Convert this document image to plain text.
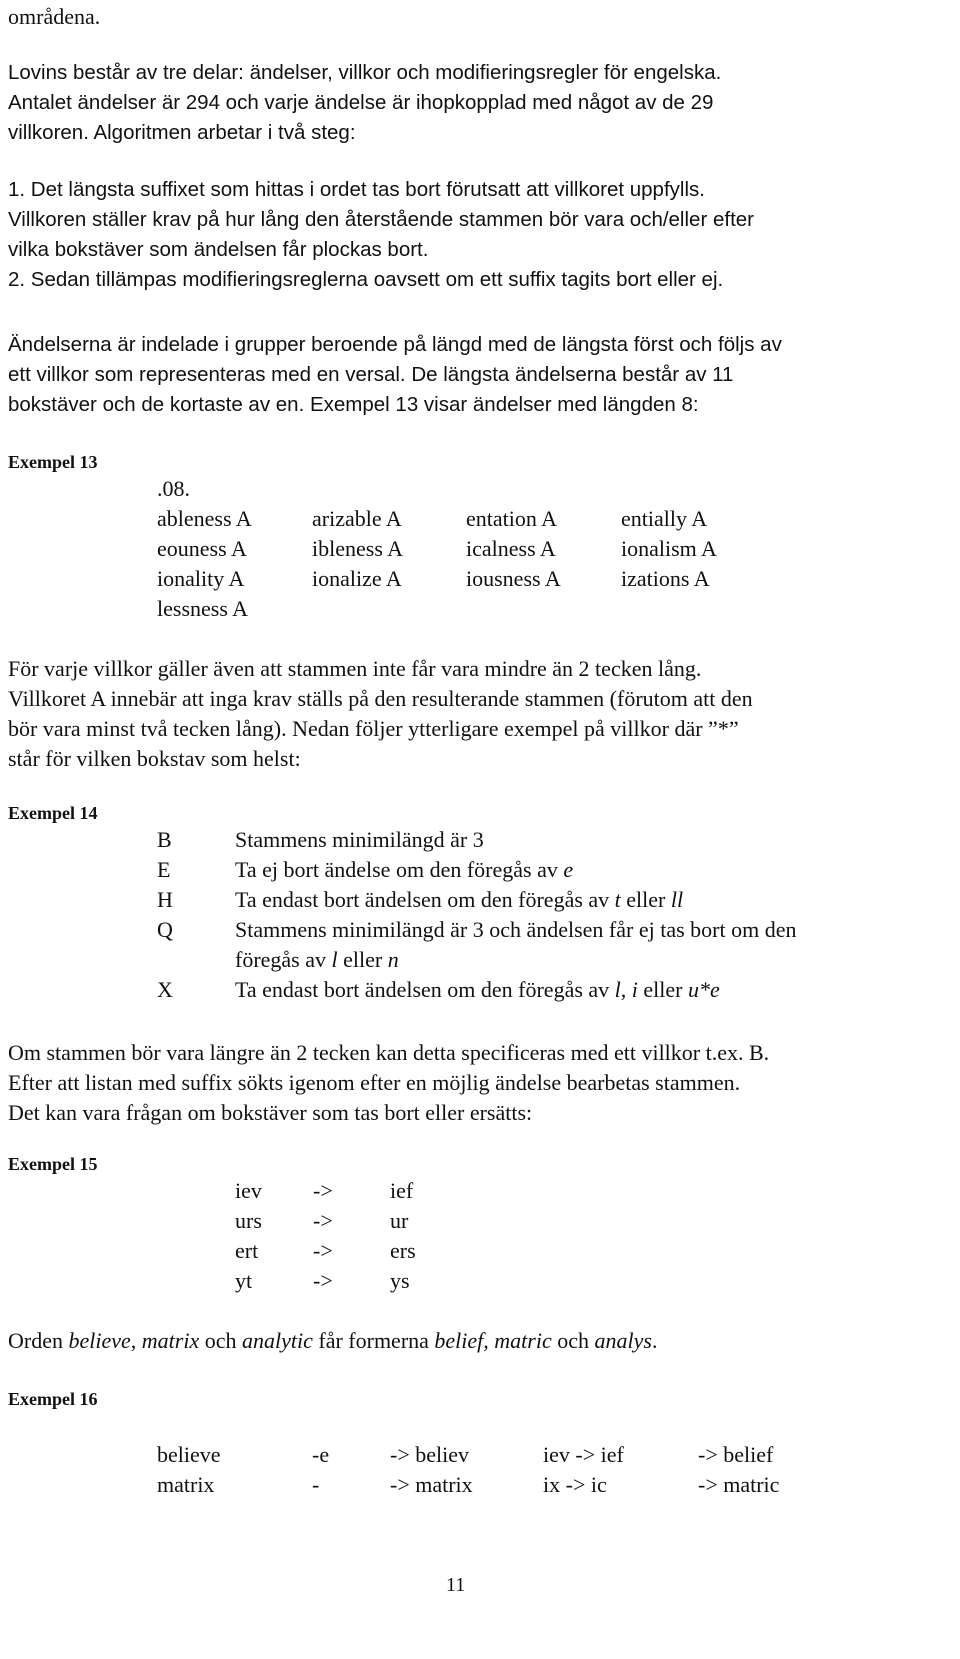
områdena.
Lovins består av tre delar: ändelser, villkor och modifieringsregler för engelska.
Antalet ändelser är 294 och varje ändelse är ihopkopplad med något av de 29
villkoren. Algoritmen arbetar i två steg:
1. Det längsta suffixet som hittas i ordet tas bort förutsatt att villkoret uppfylls.
Villkoren ställer krav på hur lång den återstående stammen bör vara och/eller efter
vilka bokstäver som ändelsen får plockas bort.
2. Sedan tillämpas modifieringsreglerna oavsett om ett suffix tagits bort eller ej.
Ändelserna är indelade i grupper beroende på längd med de längsta först och följs av
ett villkor som representeras med en versal. De längsta ändelserna består av 11
bokstäver och de kortaste av en. Exempel 13 visar ändelser med längden 8:
Exempel 13
.08.
ableness A	arizable A	entation A	entially A
eouness A	ibleness A	icalness A	ionalism A
ionality A	ionalize A	iousness A	izations A
lessness A
För varje villkor gäller även att stammen inte får vara mindre än 2 tecken lång.
Villkoret A innebär att inga krav ställs på den resulterande stammen (förutom att den
bör vara minst två tecken lång). Nedan följer ytterligare exempel på villkor där ”*”
står för vilken bokstav som helst:
Exempel 14
B	Stammens minimilängd är 3
E	Ta ej bort ändelse om den föregås av e
H	Ta endast bort ändelsen om den föregås av t eller ll
Q	Stammens minimilängd är 3 och ändelsen får ej tas bort om den
föregås av l eller n
X	Ta endast bort ändelsen om den föregås av l, i eller u*e
Om stammen bör vara längre än 2 tecken kan detta specificeras med ett villkor t.ex. B.
Efter att listan med suffix sökts igenom efter en möjlig ändelse bearbetas stammen.
Det kan vara frågan om bokstäver som tas bort eller ersätts:
Exempel 15
iev ->	ief
urs ->	ur
ert ->	ers
yt	->	ys
Orden believe, matrix och analytic får formerna belief, matric och analys.
Exempel 16
believe	-e	-> believ	iev -> ief	-> belief
matrix	-	-> matrix	ix -> ic	-> matric
11
